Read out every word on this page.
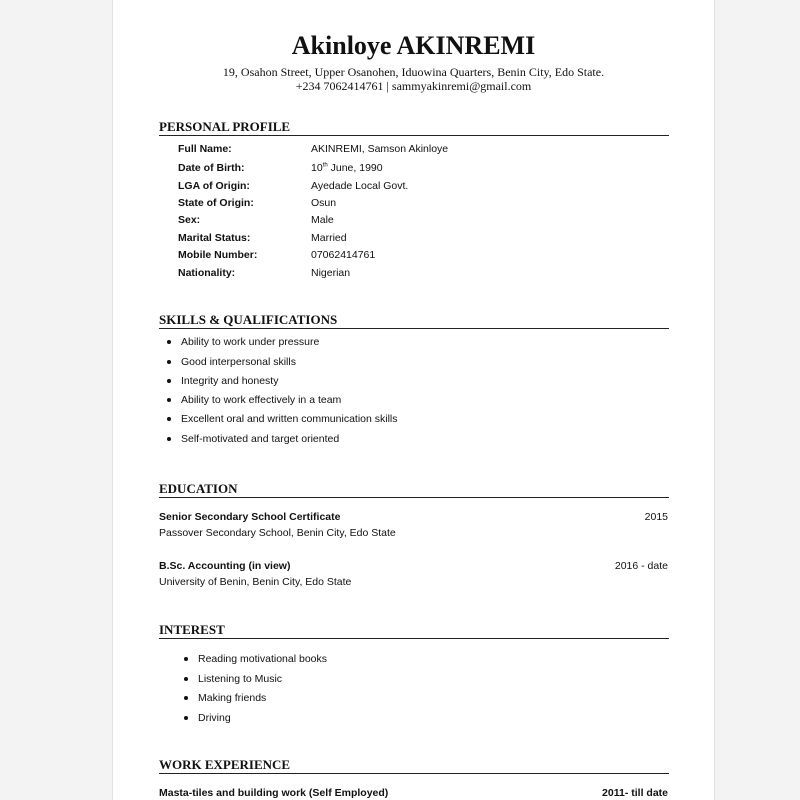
Akinloye AKINREMI
19, Osahon Street, Upper Osanohen, Iduowina Quarters, Benin City, Edo State.
+234 7062414761 | sammyakinremi@gmail.com
PERSONAL PROFILE
Full Name:	AKINREMI, Samson Akinloye
Date of Birth:	10th June, 1990
LGA of Origin:	Ayedade Local Govt.
State of Origin:	Osun
Sex:	Male
Marital Status:	Married
Mobile Number:	07062414761
Nationality:	Nigerian
SKILLS & QUALIFICATIONS
Ability to work under pressure
Good interpersonal skills
Integrity and honesty
Ability to work effectively in a team
Excellent oral and written communication skills
Self-motivated and target oriented
EDUCATION
Senior Secondary School Certificate	2015
Passover Secondary School, Benin City, Edo State
B.Sc. Accounting (in view)	2016 - date
University of Benin, Benin City, Edo State
INTEREST
Reading motivational books
Listening to Music
Making friends
Driving
WORK EXPERIENCE
Masta-tiles and building work (Self Employed)	2011- till date
